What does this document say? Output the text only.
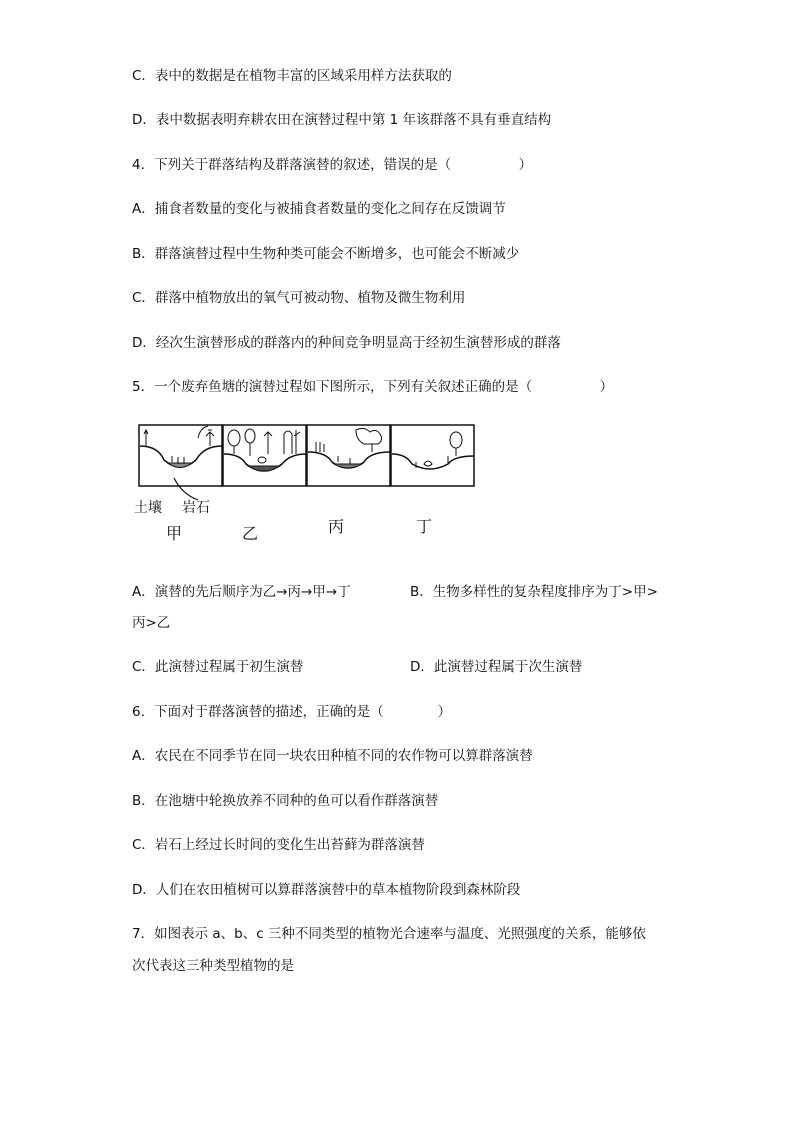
C．表中的数据是在植物丰富的区域采用样方法获取的
D．表中数据表明弃耕农田在演替过程中第 1 年该群落不具有垂直结构
4．下列关于群落结构及群落演替的叙述，错误的是（　　　　　）
A．捕食者数量的变化与被捕食者数量的变化之间存在反馈调节
B．群落演替过程中生物种类可能会不断增多，也可能会不断减少
C．群落中植物放出的氧气可被动物、植物及微生物利用
D．经次生演替形成的群落内的种间竞争明显高于经初生演替形成的群落
5．一个废弃鱼塘的演替过程如下图所示，下列有关叙述正确的是（　　　　　）
土壤 岩石
甲	乙	丙	丁
A．演替的先后顺序为乙→丙→甲→丁	B．生物多样性的复杂程度排序为丁>甲>
丙>乙
C．此演替过程属于初生演替	D．此演替过程属于次生演替
6．下面对于群落演替的描述，正确的是（　　　　）
A．农民在不同季节在同一块农田种植不同的农作物可以算群落演替
B．在池塘中轮换放养不同种的鱼可以看作群落演替
C．岩石上经过长时间的变化生出苔藓为群落演替
D．人们在农田植树可以算群落演替中的草本植物阶段到森林阶段
7．如图表示 a、b、c 三种不同类型的植物光合速率与温度、光照强度的关系，能够依
次代表这三种类型植物的是
